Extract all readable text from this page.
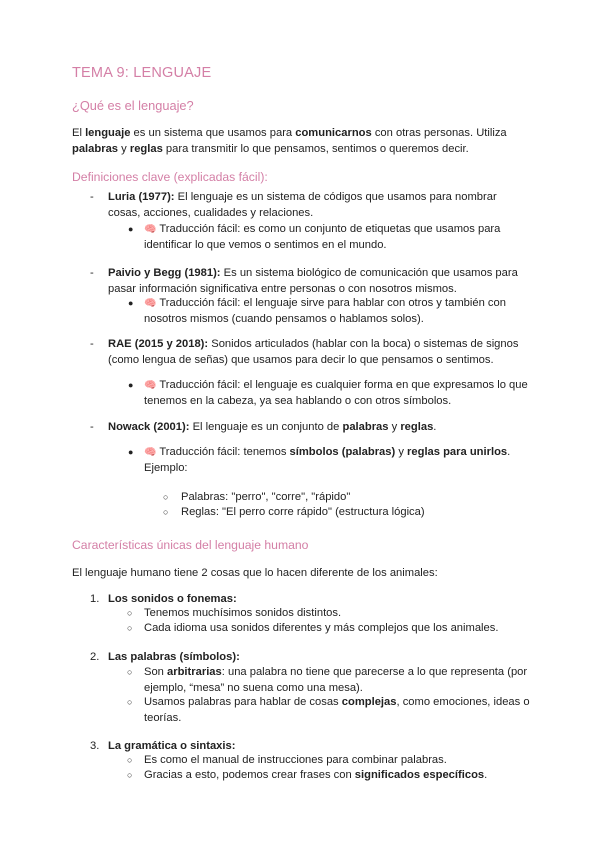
TEMA 9: LENGUAJE
¿Qué es el lenguaje?
El lenguaje es un sistema que usamos para comunicarnos con otras personas. Utiliza palabras y reglas para transmitir lo que pensamos, sentimos o queremos decir.
Definiciones clave (explicadas fácil):
- Luria (1977): El lenguaje es un sistema de códigos que usamos para nombrar cosas, acciones, cualidades y relaciones.
● 🧠 Traducción fácil: es como un conjunto de etiquetas que usamos para identificar lo que vemos o sentimos en el mundo.
- Paivio y Begg (1981): Es un sistema biológico de comunicación que usamos para pasar información significativa entre personas o con nosotros mismos.
● 🧠 Traducción fácil: el lenguaje sirve para hablar con otros y también con nosotros mismos (cuando pensamos o hablamos solos).
- RAE (2015 y 2018): Sonidos articulados (hablar con la boca) o sistemas de signos (como lengua de señas) que usamos para decir lo que pensamos o sentimos.
● 🧠 Traducción fácil: el lenguaje es cualquier forma en que expresamos lo que tenemos en la cabeza, ya sea hablando o con otros símbolos.
- Nowack (2001): El lenguaje es un conjunto de palabras y reglas.
● 🧠 Traducción fácil: tenemos símbolos (palabras) y reglas para unirlos.
Ejemplo:
○ Palabras: "perro", "corre", "rápido"
○ Reglas: "El perro corre rápido" (estructura lógica)
Características únicas del lenguaje humano
El lenguaje humano tiene 2 cosas que lo hacen diferente de los animales:
1. Los sonidos o fonemas:
○ Tenemos muchísimos sonidos distintos.
○ Cada idioma usa sonidos diferentes y más complejos que los animales.
2. Las palabras (símbolos):
○ Son arbitrarias: una palabra no tiene que parecerse a lo que representa (por ejemplo, “mesa” no suena como una mesa).
○ Usamos palabras para hablar de cosas complejas, como emociones, ideas o teorías.
3. La gramática o sintaxis:
○ Es como el manual de instrucciones para combinar palabras.
○ Gracias a esto, podemos crear frases con significados específicos.
